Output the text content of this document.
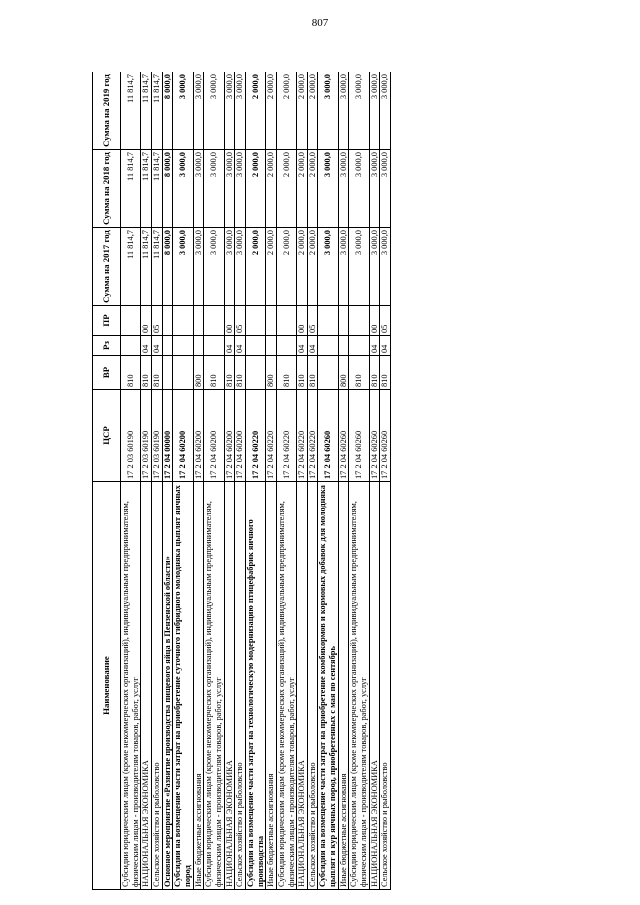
807
Наименование	ЦСР	ВР	Рз	ПР	Сумма на 2017 год	Сумма на 2018 год	Сумма на 2019 год
Субсидии юридическим лицам (кроме некоммерческих организаций), индивидуальным предпринимателям, физическим лицам - производителям товаров, работ, услуг	17 2 03 60190	810			11 814,7	11 814,7	11 814,7
НАЦИОНАЛЬНАЯ ЭКОНОМИКА	17 2 03 60190	810	04	00	11 814,7	11 814,7	11 814,7
Сельское хозяйство и рыболовство	17 2 03 60190	810	04	05	11 814,7	11 814,7	11 814,7
Основное мероприятие «Развитие производства пищевого яйца в Пензенской области»	17 2 04 00000				8 000,0	8 000,0	8 000,0
Субсидии на возмещение части затрат на приобретение суточного гибридного молодняка цыплят яичных пород	17 2 04 60200				3 000,0	3 000,0	3 000,0
Иные бюджетные ассигнования	17 2 04 60200	800			3 000,0	3 000,0	3 000,0
Субсидии юридическим лицам (кроме некоммерческих организаций), индивидуальным предпринимателям, физическим лицам - производителям товаров, работ, услуг	17 2 04 60200	810			3 000,0	3 000,0	3 000,0
НАЦИОНАЛЬНАЯ ЭКОНОМИКА	17 2 04 60200	810	04	00	3 000,0	3 000,0	3 000,0
Сельское хозяйство и рыболовство	17 2 04 60200	810	04	05	3 000,0	3 000,0	3 000,0
Субсидии на возмещение части затрат на технологическую модернизацию птицефабрик яичного производства	17 2 04 60220				2 000,0	2 000,0	2 000,0
Иные бюджетные ассигнования	17 2 04 60220	800			2 000,0	2 000,0	2 000,0
Субсидии юридическим лицам (кроме некоммерческих организаций), индивидуальным предпринимателям, физическим лицам - производителям товаров, работ, услуг	17 2 04 60220	810			2 000,0	2 000,0	2 000,0
НАЦИОНАЛЬНАЯ ЭКОНОМИКА	17 2 04 60220	810	04	00	2 000,0	2 000,0	2 000,0
Сельское хозяйство и рыболовство	17 2 04 60220	810	04	05	2 000,0	2 000,0	2 000,0
Субсидии на возмещение части затрат на приобретение комбикормов и кормовых добавок для молодняка цыплят и кур яичных пород, приобретенных с мая по сентябрь	17 2 04 60260				3 000,0	3 000,0	3 000,0
Иные бюджетные ассигнования	17 2 04 60260	800			3 000,0	3 000,0	3 000,0
Субсидии юридическим лицам (кроме некоммерческих организаций), индивидуальным предпринимателям, физическим лицам - производителям товаров, работ, услуг	17 2 04 60260	810			3 000,0	3 000,0	3 000,0
НАЦИОНАЛЬНАЯ ЭКОНОМИКА	17 2 04 60260	810	04	00	3 000,0	3 000,0	3 000,0
Сельское хозяйство и рыболовство	17 2 04 60260	810	04	05	3 000,0	3 000,0	3 000,0
